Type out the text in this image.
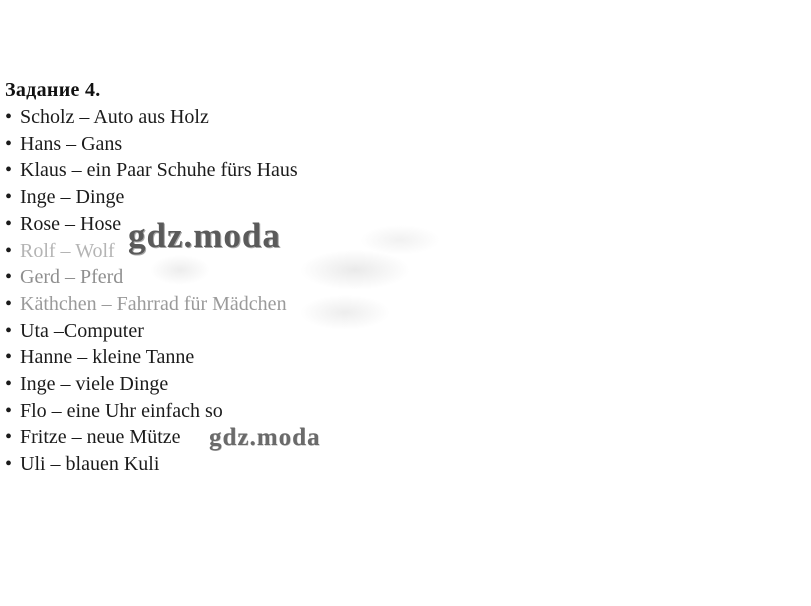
Задание 4.
• Scholz – Auto aus Holz
• Hans – Gans
• Klaus – ein Paar Schuhe fürs Haus
• Inge – Dinge
• Rose – Hose
• Rolf – Wolf
• Gerd – Pferd
• Käthchen – Fahrrad für Mädchen
• Uta –Computer
• Hanne – kleine Tanne
• Inge – viele Dinge
• Flo – eine Uhr einfach so
• Fritze – neue Mütze
• Uli – blauen Kuli
gdz.moda
gdz.moda
